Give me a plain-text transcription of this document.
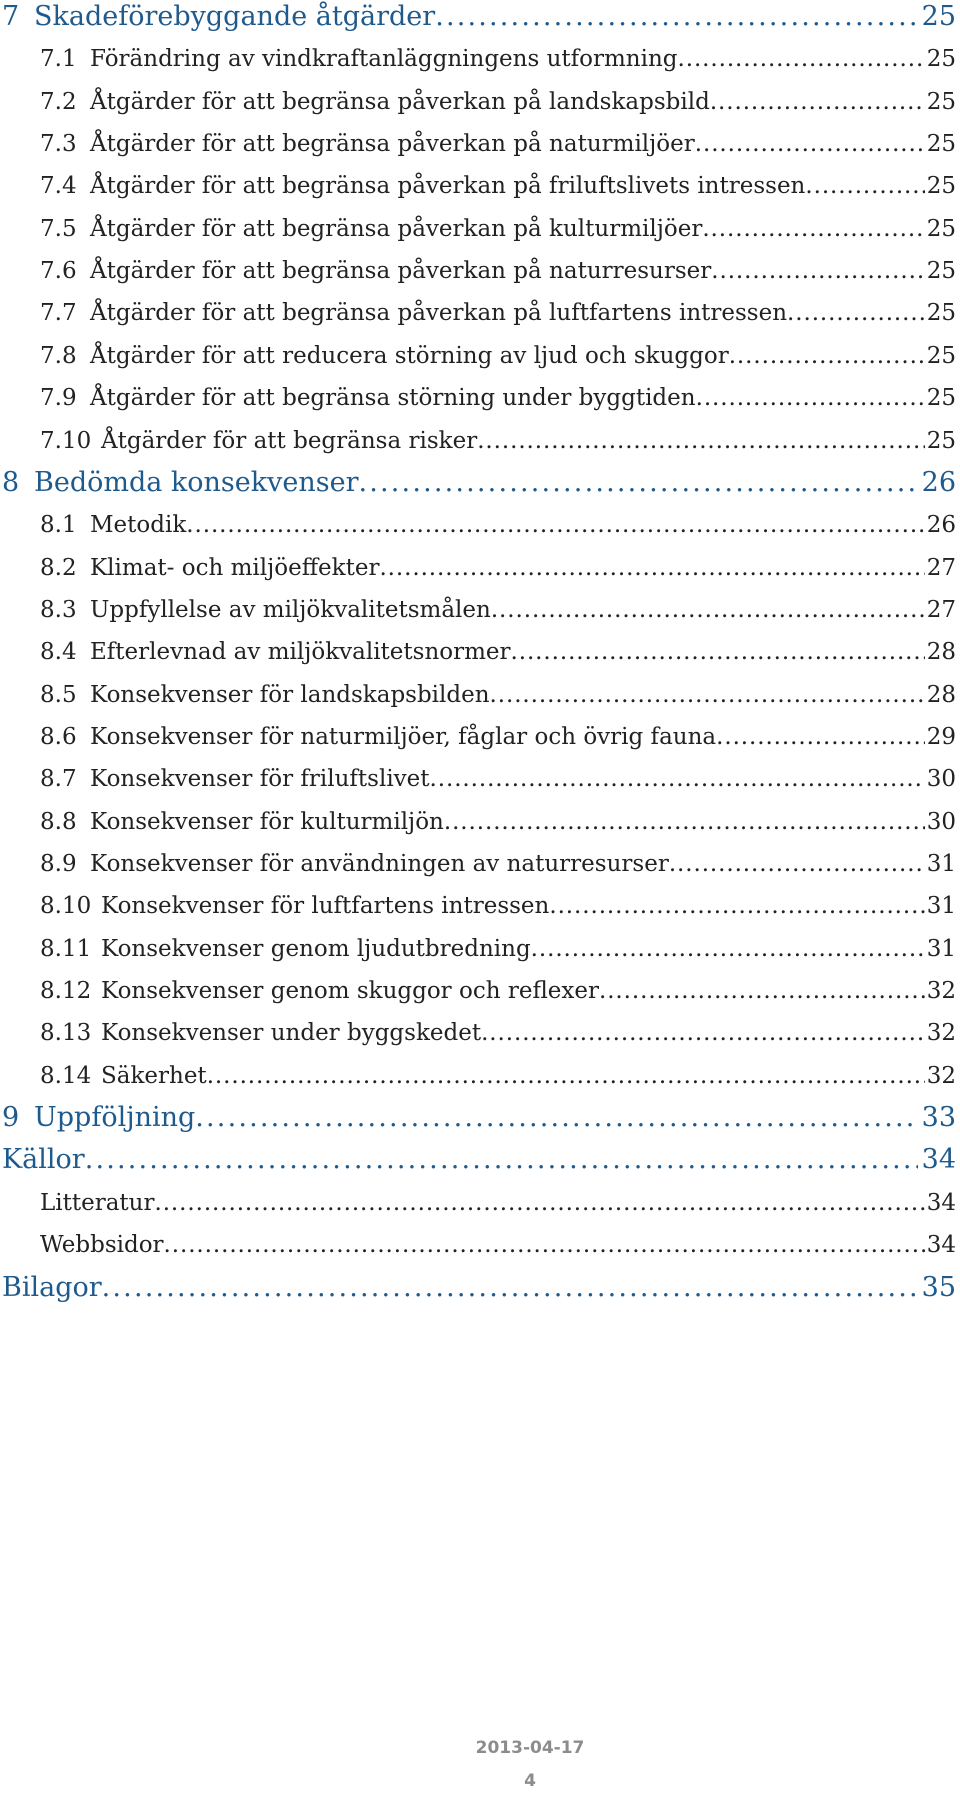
7 Skadeförebyggande åtgärder . . .	25
7.1 Förändring av vindkraftanläggningens utformning . . .	25
7.2 Åtgärder för att begränsa påverkan på landskapsbild . . .	25
7.3 Åtgärder för att begränsa påverkan på naturmiljöer . . .	25
7.4 Åtgärder för att begränsa påverkan på friluftslivets intressen . . .	25
7.5 Åtgärder för att begränsa påverkan på kulturmiljöer . . .	25
7.6 Åtgärder för att begränsa påverkan på naturresurser . . .	25
7.7 Åtgärder för att begränsa påverkan på luftfartens intressen . . .	25
7.8 Åtgärder för att reducera störning av ljud och skuggor . . .	25
7.9 Åtgärder för att begränsa störning under byggtiden . . .	25
7.10 Åtgärder för att begränsa risker . . .	25
8 Bedömda konsekvenser . . .	26
8.1 Metodik . . .	26
8.2 Klimat- och miljöeffekter . . .	27
8.3 Uppfyllelse av miljökvalitetsmålen . . .	27
8.4 Efterlevnad av miljökvalitetsnormer . . .	28
8.5 Konsekvenser för landskapsbilden . . .	28
8.6 Konsekvenser för naturmiljöer, fåglar och övrig fauna . . .	29
8.7 Konsekvenser för friluftslivet . . .	30
8.8 Konsekvenser för kulturmiljön . . .	30
8.9 Konsekvenser för användningen av naturresurser . . .	31
8.10 Konsekvenser för luftfartens intressen . . .	31
8.11 Konsekvenser genom ljudutbredning . . .	31
8.12 Konsekvenser genom skuggor och reflexer . . .	32
8.13 Konsekvenser under byggskedet . . .	32
8.14 Säkerhet . . .	32
9 Uppföljning . . .	33
Källor . . .	34
Litteratur . . .	34
Webbsidor . . .	34
Bilagor . . .	35
2013-04-17
4
